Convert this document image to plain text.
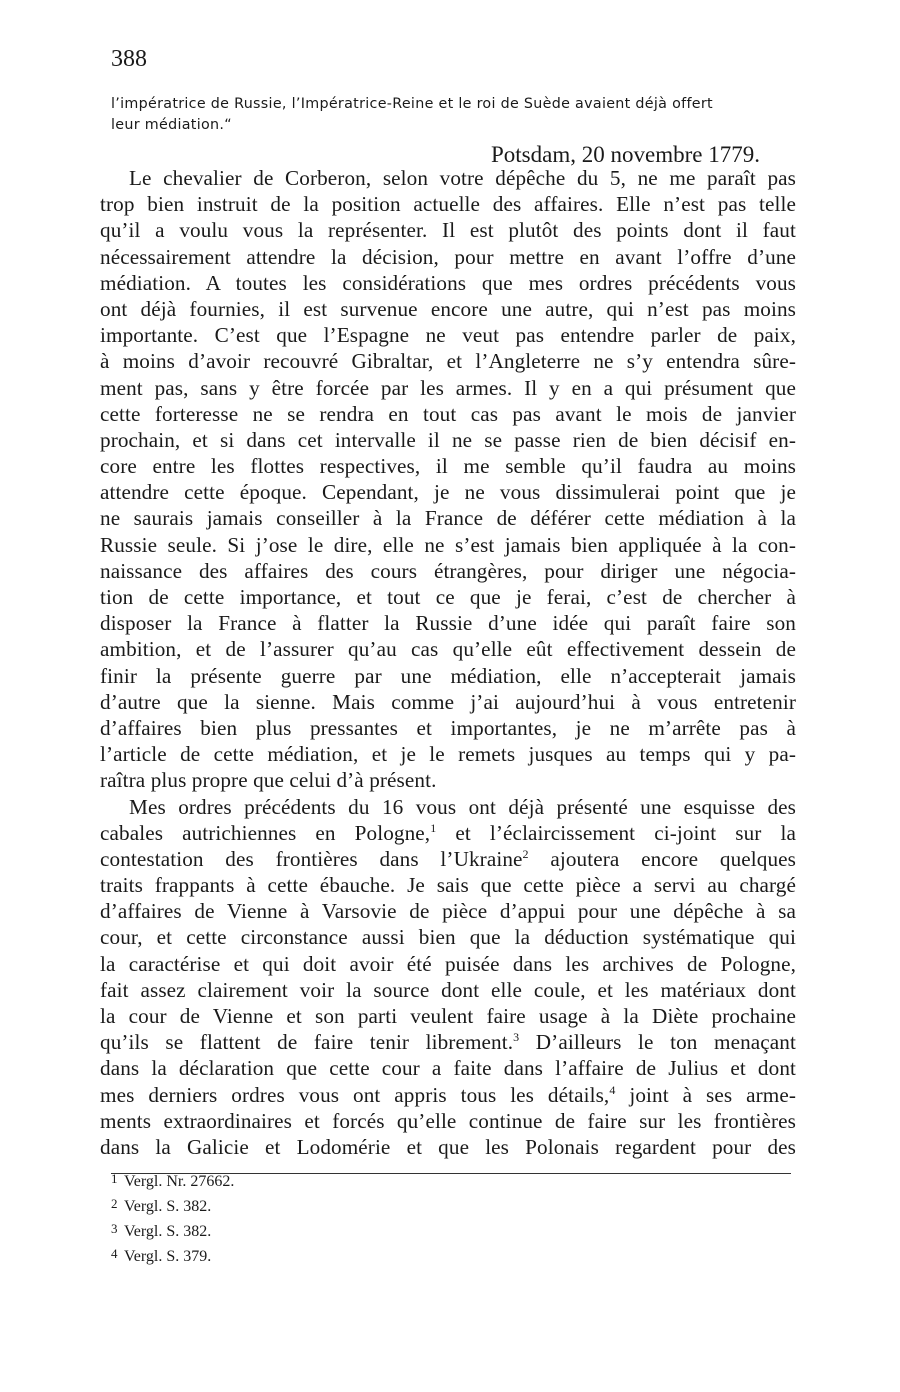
388
l’impératrice de Russie, l’Impératrice-Reine et le roi de Suède avaient déjà offert
leur médiation.“
Potsdam, 20 novembre 1779.
Le chevalier de Corberon, selon votre dépêche du 5, ne me paraît pas
trop bien instruit de la position actuelle des affaires. Elle n’est pas telle
qu’il a voulu vous la représenter. Il est plutôt des points dont il faut
nécessairement attendre la décision, pour mettre en avant l’offre d’une
médiation. A toutes les considérations que mes ordres précédents vous
ont déjà fournies, il est survenue encore une autre, qui n’est pas moins
importante. C’est que l’Espagne ne veut pas entendre parler de paix,
à moins d’avoir recouvré Gibraltar, et l’Angleterre ne s’y entendra sûre-
ment pas, sans y être forcée par les armes. Il y en a qui présument que
cette forteresse ne se rendra en tout cas pas avant le mois de janvier
prochain, et si dans cet intervalle il ne se passe rien de bien décisif en-
core entre les flottes respectives, il me semble qu’il faudra au moins
attendre cette époque. Cependant, je ne vous dissimulerai point que je
ne saurais jamais conseiller à la France de déférer cette médiation à la
Russie seule. Si j’ose le dire, elle ne s’est jamais bien appliquée à la con-
naissance des affaires des cours étrangères, pour diriger une négocia-
tion de cette importance, et tout ce que je ferai, c’est de chercher à
disposer la France à flatter la Russie d’une idée qui paraît faire son
ambition, et de l’assurer qu’au cas qu’elle eût effectivement dessein de
finir la présente guerre par une médiation, elle n’accepterait jamais
d’autre que la sienne. Mais comme j’ai aujourd’hui à vous entretenir
d’affaires bien plus pressantes et importantes, je ne m’arrête pas à
l’article de cette médiation, et je le remets jusques au temps qui y pa-
raîtra plus propre que celui d’à présent.
Mes ordres précédents du 16 vous ont déjà présenté une esquisse des
cabales autrichiennes en Pologne,$^1$ et l’éclaircissement ci-joint sur la
contestation des frontières dans l’Ukraine$^2$ ajoutera encore quelques
traits frappants à cette ébauche. Je sais que cette pièce a servi au chargé
d’affaires de Vienne à Varsovie de pièce d’appui pour une dépêche à sa
cour, et cette circonstance aussi bien que la déduction systématique qui
la caractérise et qui doit avoir été puisée dans les archives de Pologne,
fait assez clairement voir la source dont elle coule, et les matériaux dont
la cour de Vienne et son parti veulent faire usage à la Diète prochaine
qu’ils se flattent de faire tenir librement.$^3$ D’ailleurs le ton menaçant
dans la déclaration que cette cour a faite dans l’affaire de Julius et dont
mes derniers ordres vous ont appris tous les détails,$^4$ joint à ses arme-
ments extraordinaires et forcés qu’elle continue de faire sur les frontières
dans la Galicie et Lodomérie et que les Polonais regardent pour des
1 Vergl. Nr. 27662.
2 Vergl. S. 382.
3 Vergl. S. 382.
4 Vergl. S. 379.
